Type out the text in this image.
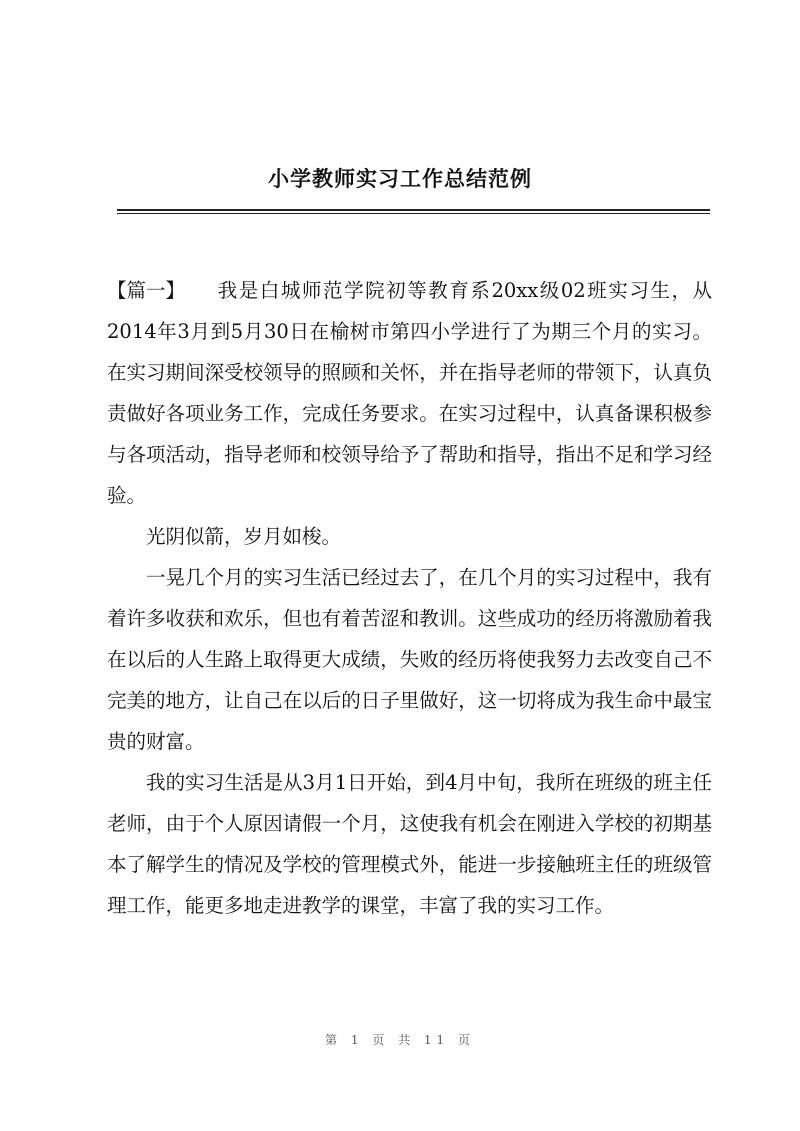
小学教师实习工作总结范例

【篇一】 我是白城师范学院初等教育系20xx级02班实习生，从2014年3月到5月30日在榆树市第四小学进行了为期三个月的实习。在实习期间深受校领导的照顾和关怀，并在指导老师的带领下，认真负责做好各项业务工作，完成任务要求。在实习过程中，认真备课积极参与各项活动，指导老师和校领导给予了帮助和指导，指出不足和学习经验。

光阴似箭，岁月如梭。

一晃几个月的实习生活已经过去了，在几个月的实习过程中，我有着许多收获和欢乐，但也有着苦涩和教训。这些成功的经历将激励着我在以后的人生路上取得更大成绩，失败的经历将使我努力去改变自己不完美的地方，让自己在以后的日子里做好，这一切将成为我生命中最宝贵的财富。

我的实习生活是从3月1日开始，到4月中旬，我所在班级的班主任老师，由于个人原因请假一个月，这使我有机会在刚进入学校的初期基本了解学生的情况及学校的管理模式外，能进一步接触班主任的班级管理工作，能更多地走进教学的课堂，丰富了我的实习工作。

第 1 页 共 11 页
